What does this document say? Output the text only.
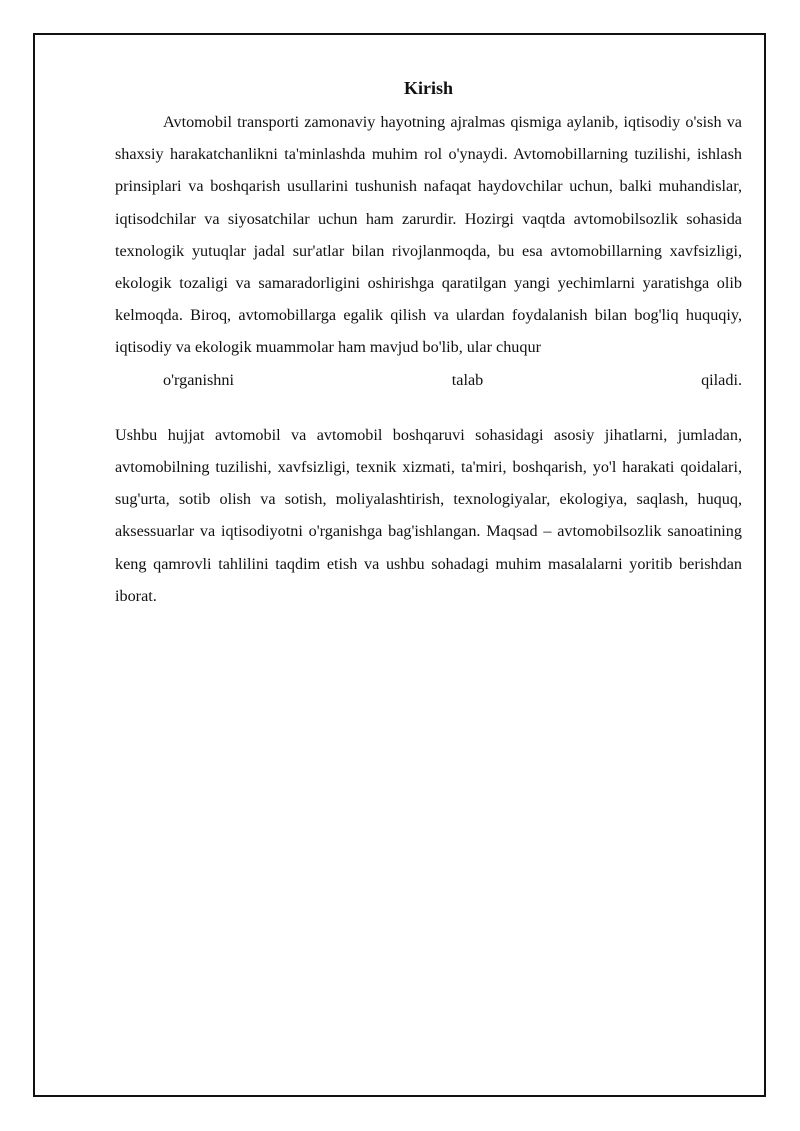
Kirish

Avtomobil transporti zamonaviy hayotning ajralmas qismiga aylanib, iqtisodiy o'sish va shaxsiy harakatchanlikni ta'minlashda muhim rol o'ynaydi. Avtomobillarning tuzilishi, ishlash prinsiplari va boshqarish usullarini tushunish nafaqat haydovchilar uchun, balki muhandislar, iqtisodchilar va siyosatchilar uchun ham zarurdir. Hozirgi vaqtda avtomobilsozlik sohasida texnologik yutuqlar jadal sur'atlar bilan rivojlanmoqda, bu esa avtomobillarning xavfsizligi, ekologik tozaligi va samaradorligini oshirishga qaratilgan yangi yechimlarni yaratishga olib kelmoqda. Biroq, avtomobillarga egalik qilish va ulardan foydalanish bilan bog'liq huquqiy, iqtisodiy va ekologik muammolar ham mavjud bo'lib, ular chuqur
o'rganishni talab qiladi.

Ushbu hujjat avtomobil va avtomobil boshqaruvi sohasidagi asosiy jihatlarni, jumladan, avtomobilning tuzilishi, xavfsizligi, texnik xizmati, ta'miri, boshqarish, yo'l harakati qoidalari, sug'urta, sotib olish va sotish, moliyalashtirish, texnologiyalar, ekologiya, saqlash, huquq, aksessuarlar va iqtisodiyotni o'rganishga bag'ishlangan. Maqsad – avtomobilsozlik sanoatining keng qamrovli tahlilini taqdim etish va ushbu sohadagi muhim masalalarni yoritib berishdan iborat.
